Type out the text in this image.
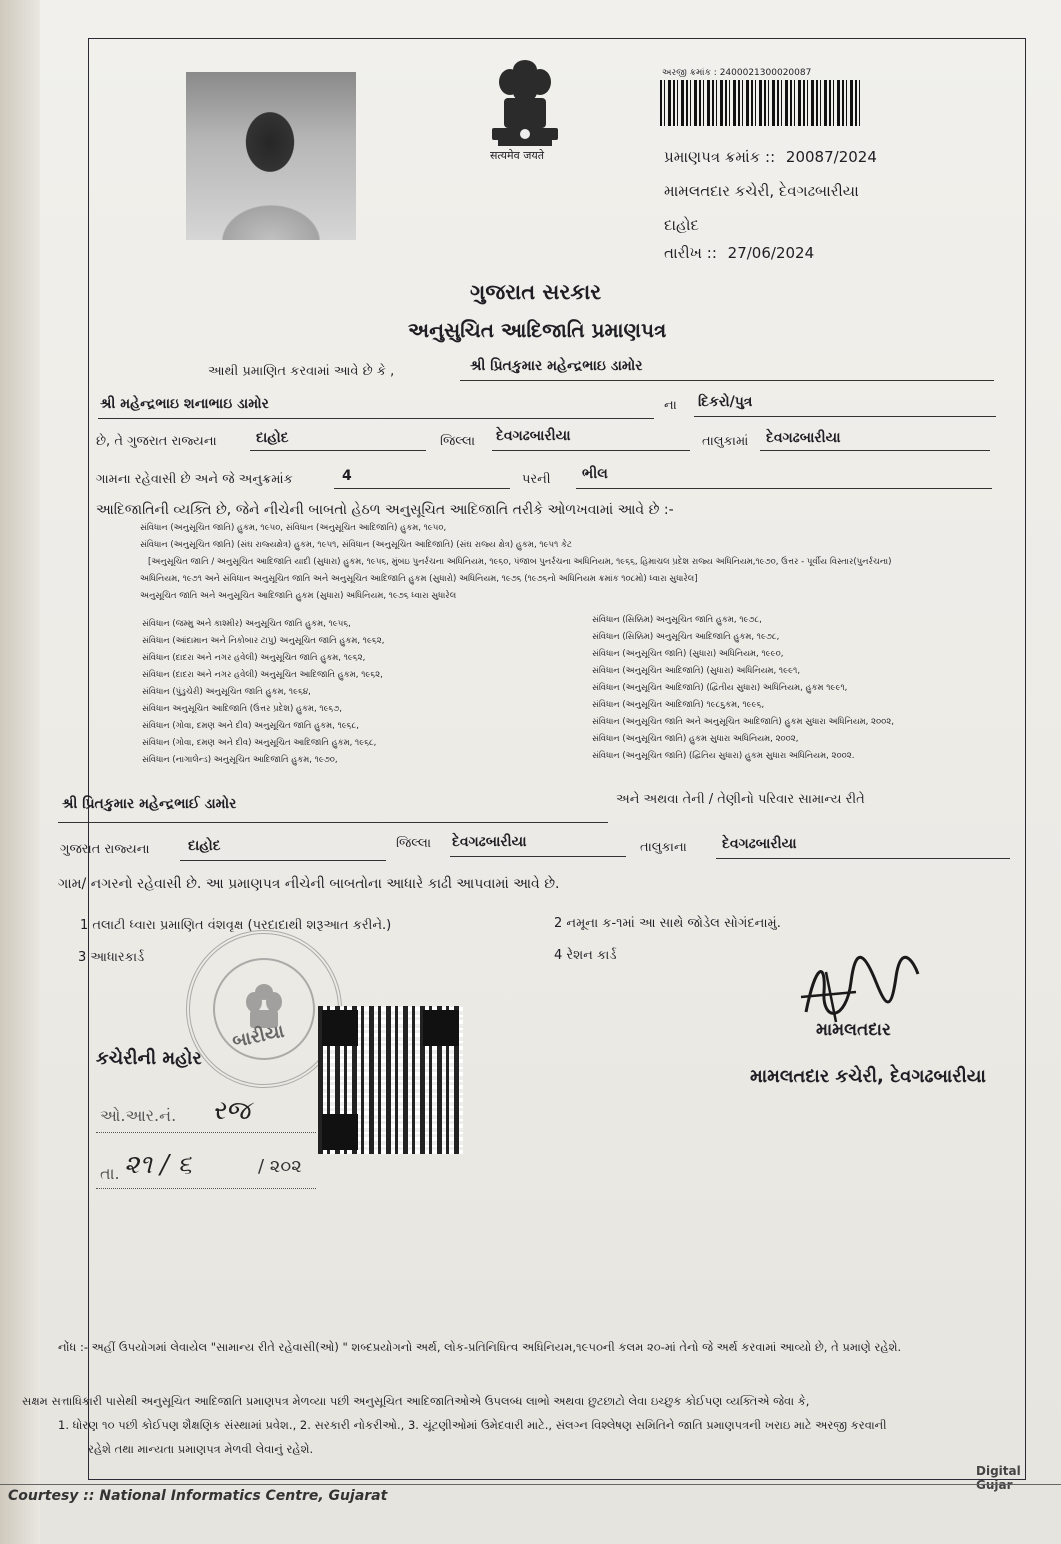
सत्यमेव जयते
અરજી ક્રમાંક : 2400021300020087
પ્રમાણપત્ર ક્રમાંક :: 20087/2024
મામલતદાર કચેરી, દેવગઢબારીયા
દાહોદ
તારીખ :: 27/06/2024
ગુજરાત સરકાર
અનુસુચિત આદિજાતિ પ્રમાણપત્ર
આથી પ્રમાણિત કરવામાં આવે છે કે ,	શ્રી પ્રિતકુમાર મહેન્દ્રભાઇ ડામોર
શ્રી મહેન્દ્રભાઇ શનાભાઇ ડામોર	ના દિકરો/પુત્ર
છે, તે ગુજરાત રાજ્યના	દાહોદ	જિલ્લા દેવગઢબારીયા	તાલુકામાં દેવગઢબારીયા
ગામના રહેવાસી છે અને જે અનુક્રમાંક	4	પરની ભીલ
આદિજાતિની વ્યક્તિ છે, જેને નીચેની બાબતો હેઠળ અનુસૂચિત આદિજાતિ તરીકે ઓળખવામાં આવે છે :-
સંવિધાન (અનુસૂચિત જાતિ) હુકમ, ૧૯૫૦, સંવિધાન (અનુસૂચિત આદિજાતિ) હુકમ, ૧૯૫૦,
સંવિધાન (અનુસૂચિત જાતિ) (સંઘ રાજ્યક્ષેત્ર) હુકમ, ૧૯૫૧, સંવિધાન (અનુસૂચિત આદિજાતિ) (સંઘ રાજ્ય ક્ષેત્ર) હુકમ, ૧૯૫૧ કેટ
[અનુસૂચિત જાતિ / અનુસૂચિત આદિજાતિ યાદી (સુધારા) હુકમ, ૧૯૫૬, મુંબઇ પુનર્રચના અધિનિયમ, ૧૯૬૦, પંજાબ પુનર્રચના અધિનિયમ, ૧૯૬૬, હિમાચલ પ્રદેશ રાજ્ય અધિનિયમ,૧૯૭૦, ઉત્તર - પૂર્વીય વિસ્તાર(પુનર્રચના)
અધિનિયમ, ૧૯૭૧ અને સંવિધાન અનુસૂચિત જાતિ અને અનુસૂચિત આદિજાતિ હુકમ (સુધારો) અધિનિયમ, ૧૯૭૬ (૧૯૭૬નો અધિનિયમ ક્રમાંક ૧૦૮મો) ધ્વારા સુધારેલ]
અનુસૂચિત જાતિ અને અનુસૂચિત આદિજાતિ હુકમ (સુધારા) અધિનિયમ, ૧૯૭૬ ધ્વારા સુધારેલ
સંવિધાન (જમ્મુ અને કાશ્મીર) અનુસૂચિત જાતિ હુકમ, ૧૯૫૬,
સંવિધાન (આંદામાન અને નિકોબાર ટાપુ) અનુસૂચિત જાતિ હુકમ, ૧૯૬૨,
સંવિધાન (દાદરા અને નગર હવેલી) અનુસૂચિત જાતિ હુકમ, ૧૯૬૨,
સંવિધાન (દાદરા અને નગર હવેલી) અનુસૂચિત આદિજાતિ હુકમ, ૧૯૬૨,
સંવિધાન (પુંડુચેરી) અનુસૂચિત જાતિ હુકમ, ૧૯૬૪,
સંવિધાન અનુસૂચિત આદિજાતિ (ઉત્તર પ્રદેશ) હુકમ, ૧૯૬૭,
સંવિધાન (ગોવા, દમણ અને દીવ) અનુસૂચિત જાતિ હુકમ, ૧૯૬૮,
સંવિધાન (ગોવા, દમણ અને દીવ) અનુસૂચિત આદિજાતિ હુકમ, ૧૯૬૮,
સંવિધાન (નાગાલેન્ડ) અનુસૂચિત આદિજાતિ હુકમ, ૧૯૭૦,
સંવિધાન (સિક્કિમ) અનુસૂચિત જાતિ હુકમ, ૧૯૭૮,
સંવિધાન (સિક્કિમ) અનુસૂચિત આદિજાતિ હુકમ, ૧૯૭૮,
સંવિધાન (અનુસૂચિત જાતિ) (સુધારા) અધિનિયમ, ૧૯૯૦,
સંવિધાન (અનુસૂચિત આદિજાતિ) (સુધારા) અધિનિયમ, ૧૯૯૧,
સંવિધાન (અનુસૂચિત આદિજાતિ) (દ્વિતીય સુધારા) અધિનિયમ, હુકમ ૧૯૯૧,
સંવિધાન (અનુસૂચિત આદિજાતિ) ૧૯૮૬ુકમ, ૧૯૯૬,
સંવિધાન (અનુસૂચિત જાતિ અને અનુસૂચિત આદિજાતિ) હુકમ સુધારા અધિનિયમ, ૨૦૦૨,
સંવિધાન (અનુસૂચિત જાતિ) હુકમ સુધારા અધિનિયમ, ૨૦૦૨,
સંવિધાન (અનુસૂચિત જાતિ) (દ્વિતિય સુધારા) હુકમ સુધારા અધિનિયમ, ૨૦૦૨.
શ્રી પ્રિતકુમાર મહેન્દ્રભાઈ ડામોર	અને અથવા તેની / તેણીનો પરિવાર સામાન્ય રીતે
ગુજરાત રાજ્યના	દાહોદ	જિલ્લા દેવગઢબારીયા	તાલુકાના	દેવગઢબારીયા
ગામ/ નગરનો રહેવાસી છે. આ પ્રમાણપત્ર નીચેની બાબતોના આધારે કાઢી આપવામાં આવે છે.
1 તલાટી ધ્વારા પ્રમાણિત વંશવૃક્ષ (પરદાદાથી શરૂઆત કરીને.)	2 નમૂના ક-૧માં આ સાથે જોડેલ સોગંદનામું.
3 આધારકાર્ડ	4 રેશન કાર્ડ
બારીયા
કચેરીની મહોર
ઓ.આર.નં. રજ
તા. ૨૧ / ૬	/ ૨૦૨
મામલતદાર
મામલતદાર કચેરી, દેવગઢબારીયા
નોંધ :- અહીં ઉપયોગમાં લેવાયેલ "સામાન્ય રીતે રહેવાસી(ઓ) " શબ્દપ્રયોગનો અર્થ, લોક-પ્રતિનિધિત્વ અધિનિયમ,૧૯૫૦ની કલમ ૨૦-માં તેનો જે અર્થ કરવામાં આવ્યો છે, તે પ્રમાણે રહેશે.
સક્ષમ સત્તાધિકારી પાસેથી અનુસૂચિત આદિજાતિ પ્રમાણપત્ર મેળવ્યા પછી અનુસૂચિત આદિજાતિઓએ ઉપલબ્ધ લાભો અથવા છુટછાટો લેવા ઇચ્છુક કોઈપણ વ્યક્તિએ જેવા કે,
1. ધોરણ ૧૦ પછી કોઈપણ શૈક્ષણિક સંસ્થામાં પ્રવેશ., 2. સરકારી નોકરીઓ., 3. ચૂંટણીઓમાં ઉમેદવારી માટે., સંલગ્ન વિશ્લેષણ સમિતિને જાતિ પ્રમાણપત્રની ખરાઇ માટે અરજી કરવાની
રહેશે તથા માન્યતા પ્રમાણપત્ર મેળવી લેવાનું રહેશે.
Digital Gujar
Courtesy :: National Informatics Centre, Gujarat
